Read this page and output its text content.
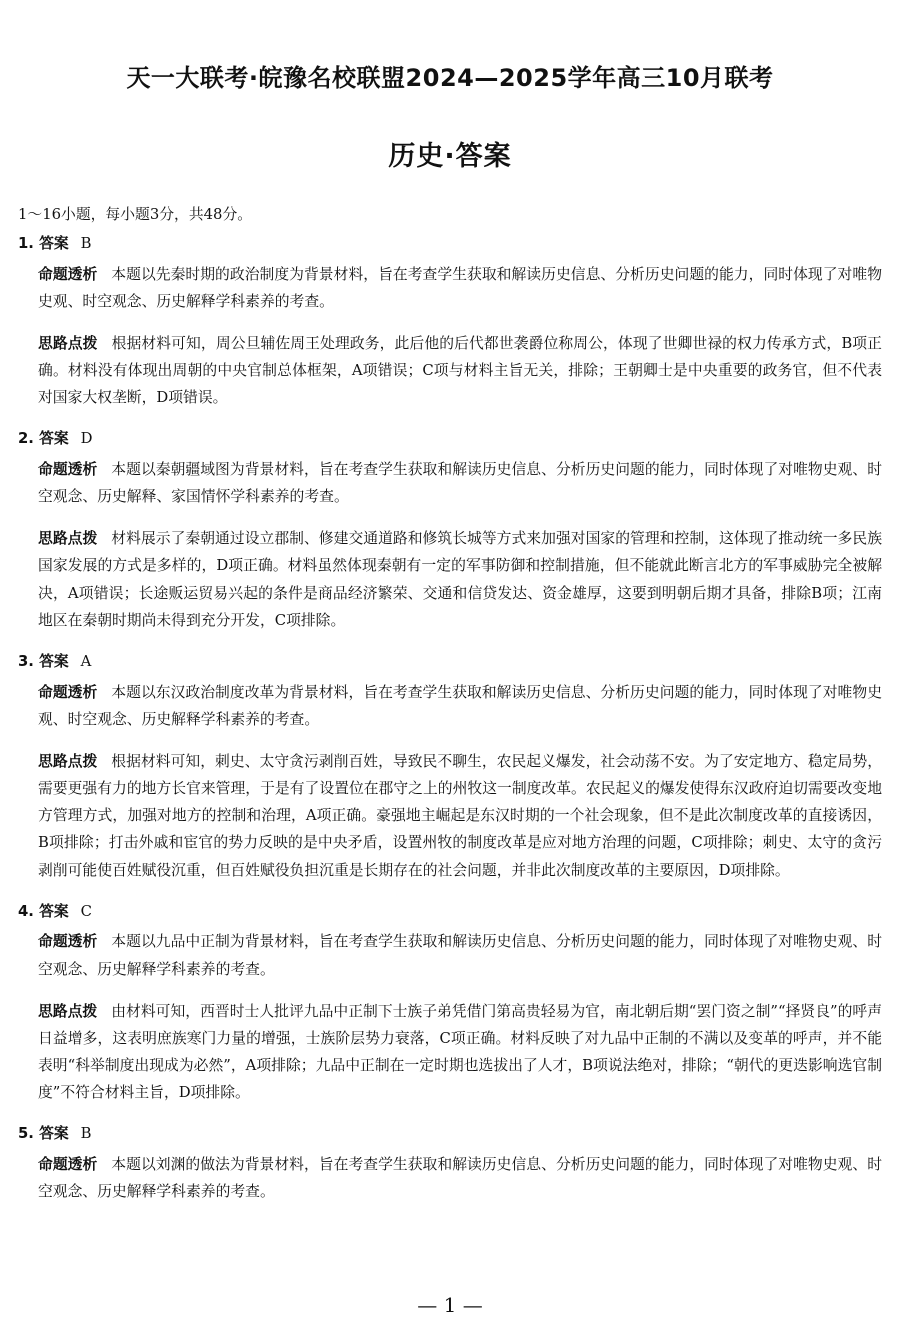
天一大联考·皖豫名校联盟2024—2025学年高三10月联考
历史·答案

1～16小题，每小题3分，共48分。

1. 答案 B

命题透析 本题以先秦时期的政治制度为背景材料，旨在考查学生获取和解读历史信息、分析历史问题的能力，同时体现了对唯物史观、时空观念、历史解释学科素养的考查。

思路点拨 根据材料可知，周公旦辅佐周王处理政务，此后他的后代都世袭爵位称周公，体现了世卿世禄的权力传承方式，B项正确。材料没有体现出周朝的中央官制总体框架，A项错误；C项与材料主旨无关，排除；王朝卿士是中央重要的政务官，但不代表对国家大权垄断，D项错误。

2. 答案 D

命题透析 本题以秦朝疆域图为背景材料，旨在考查学生获取和解读历史信息、分析历史问题的能力，同时体现了对唯物史观、时空观念、历史解释、家国情怀学科素养的考查。

思路点拨 材料展示了秦朝通过设立郡制、修建交通道路和修筑长城等方式来加强对国家的管理和控制，这体现了推动统一多民族国家发展的方式是多样的，D项正确。材料虽然体现秦朝有一定的军事防御和控制措施，但不能就此断言北方的军事威胁完全被解决，A项错误；长途贩运贸易兴起的条件是商品经济繁荣、交通和信贷发达、资金雄厚，这要到明朝后期才具备，排除B项；江南地区在秦朝时期尚未得到充分开发，C项排除。

3. 答案 A

命题透析 本题以东汉政治制度改革为背景材料，旨在考查学生获取和解读历史信息、分析历史问题的能力，同时体现了对唯物史观、时空观念、历史解释学科素养的考查。

思路点拨 根据材料可知，刺史、太守贪污剥削百姓，导致民不聊生，农民起义爆发，社会动荡不安。为了安定地方、稳定局势，需要更强有力的地方长官来管理，于是有了设置位在郡守之上的州牧这一制度改革。农民起义的爆发使得东汉政府迫切需要改变地方管理方式，加强对地方的控制和治理，A项正确。豪强地主崛起是东汉时期的一个社会现象，但不是此次制度改革的直接诱因，B项排除；打击外戚和宦官的势力反映的是中央矛盾，设置州牧的制度改革是应对地方治理的问题，C项排除；刺史、太守的贪污剥削可能使百姓赋役沉重，但百姓赋役负担沉重是长期存在的社会问题，并非此次制度改革的主要原因，D项排除。

4. 答案 C

命题透析 本题以九品中正制为背景材料，旨在考查学生获取和解读历史信息、分析历史问题的能力，同时体现了对唯物史观、时空观念、历史解释学科素养的考查。

思路点拨 由材料可知，西晋时士人批评九品中正制下士族子弟凭借门第高贵轻易为官，南北朝后期“罢门资之制”“择贤良”的呼声日益增多，这表明庶族寒门力量的增强，士族阶层势力衰落，C项正确。材料反映了对九品中正制的不满以及变革的呼声，并不能表明“科举制度出现成为必然”，A项排除；九品中正制在一定时期也选拔出了人才，B项说法绝对，排除；“朝代的更迭影响选官制度”不符合材料主旨，D项排除。

5. 答案 B

命题透析 本题以刘渊的做法为背景材料，旨在考查学生获取和解读历史信息、分析历史问题的能力，同时体现了对唯物史观、时空观念、历史解释学科素养的考查。

— 1 —
